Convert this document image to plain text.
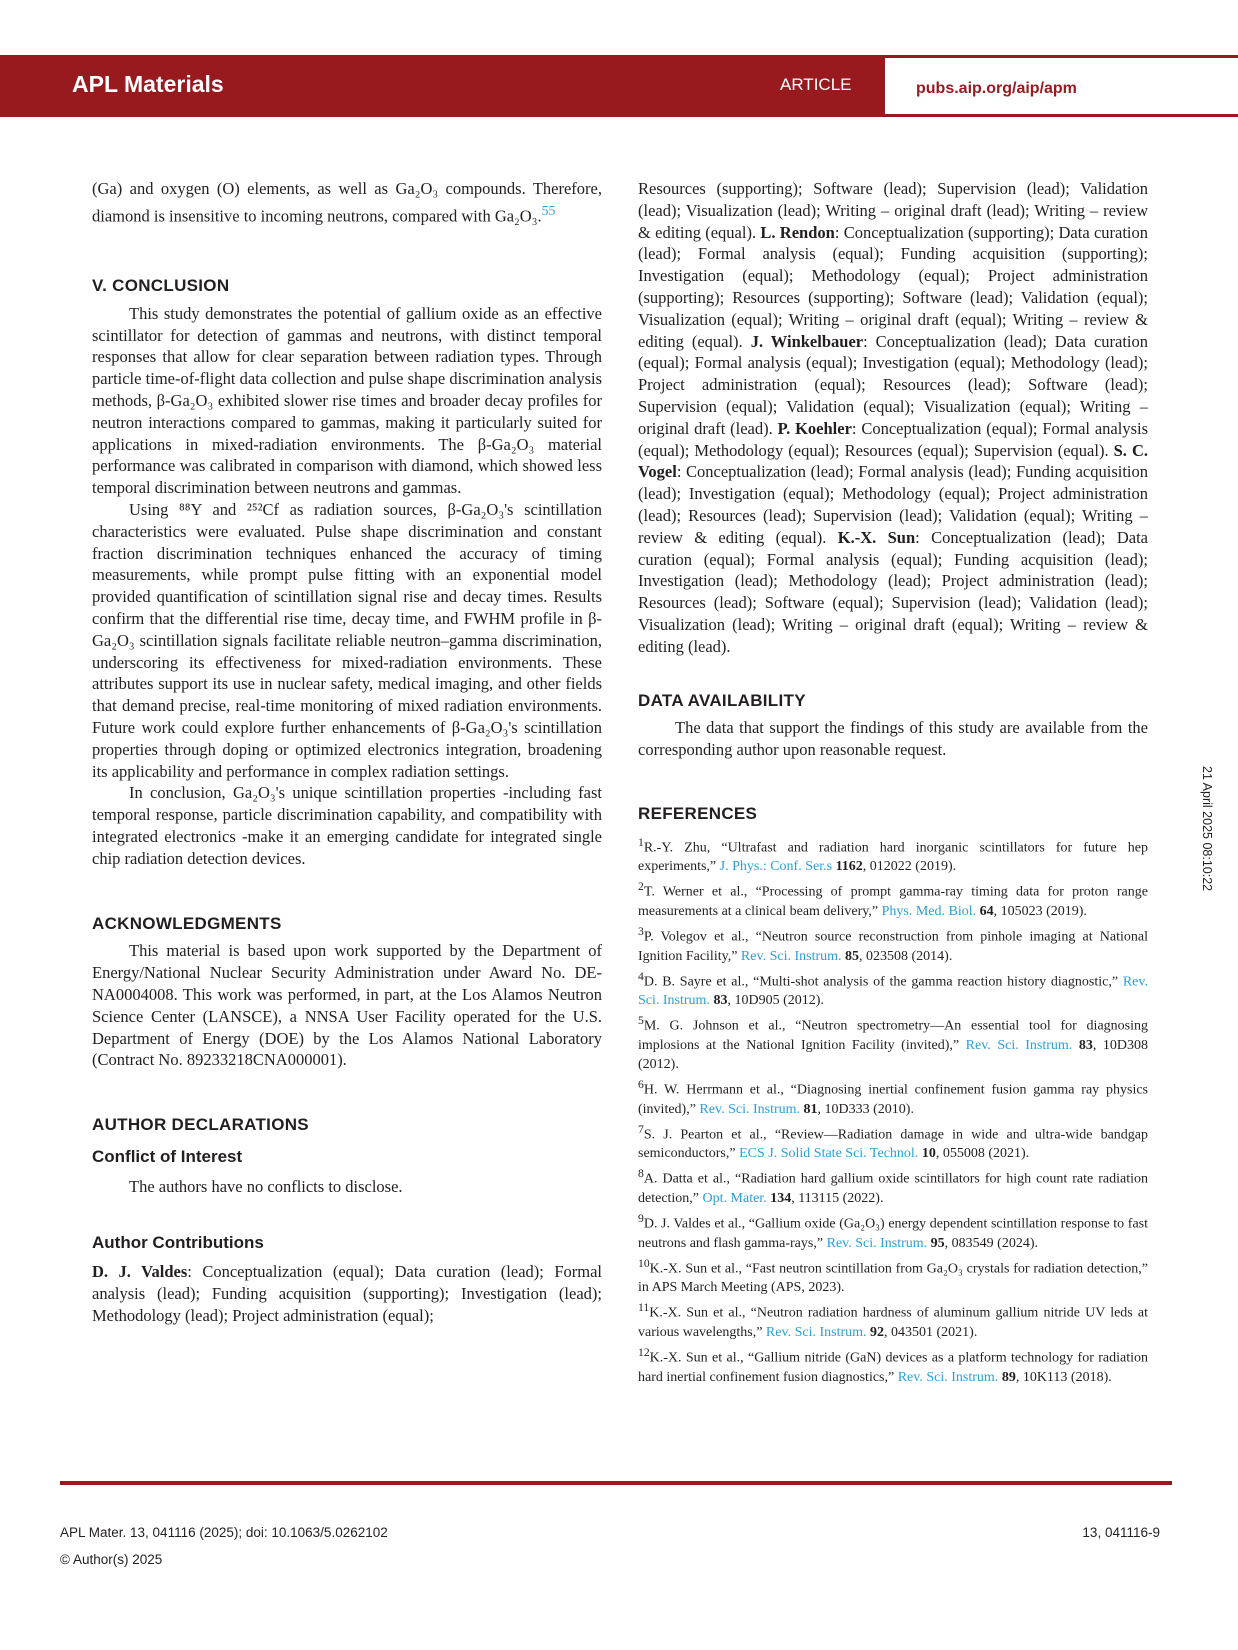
APL Materials	ARTICLE	pubs.aip.org/aip/apm

(Ga) and oxygen (O) elements, as well as Ga₂O₃ compounds. Therefore, diamond is insensitive to incoming neutrons, compared with Ga₂O₃.$^{55}$

V. CONCLUSION

This study demonstrates the potential of gallium oxide as an effective scintillator for detection of gammas and neutrons, with distinct temporal responses that allow for clear separation between radiation types. Through particle time-of-flight data collection and pulse shape discrimination analysis methods, β-Ga₂O₃ exhibited slower rise times and broader decay profiles for neutron interactions compared to gammas, making it particularly suited for applications in mixed-radiation environments. The β-Ga₂O₃ material performance was calibrated in comparison with diamond, which showed less temporal discrimination between neutrons and gammas.

Using ⁸⁸Y and ²⁵²Cf as radiation sources, β-Ga₂O₃'s scintillation characteristics were evaluated. Pulse shape discrimination and constant fraction discrimination techniques enhanced the accuracy of timing measurements, while prompt pulse fitting with an exponential model provided quantification of scintillation signal rise and decay times. Results confirm that the differential rise time, decay time, and FWHM profile in β-Ga₂O₃ scintillation signals facilitate reliable neutron–gamma discrimination, underscoring its effectiveness for mixed-radiation environments. These attributes support its use in nuclear safety, medical imaging, and other fields that demand precise, real-time monitoring of mixed radiation environments. Future work could explore further enhancements of β-Ga₂O₃'s scintillation properties through doping or optimized electronics integration, broadening its applicability and performance in complex radiation settings.

In conclusion, Ga₂O₃'s unique scintillation properties -including fast temporal response, particle discrimination capability, and compatibility with integrated electronics -make it an emerging candidate for integrated single chip radiation detection devices.

ACKNOWLEDGMENTS

This material is based upon work supported by the Department of Energy/National Nuclear Security Administration under Award No. DE-NA0004008. This work was performed, in part, at the Los Alamos Neutron Science Center (LANSCE), a NNSA User Facility operated for the U.S. Department of Energy (DOE) by the Los Alamos National Laboratory (Contract No. 89233218CNA000001).

AUTHOR DECLARATIONS
Conflict of Interest

The authors have no conflicts to disclose.

Author Contributions

D. J. Valdes: Conceptualization (equal); Data curation (lead); Formal analysis (lead); Funding acquisition (supporting); Investigation (lead); Methodology (lead); Project administration (equal);

Resources (supporting); Software (lead); Supervision (lead); Validation (lead); Visualization (lead); Writing – original draft (lead); Writing – review & editing (equal). L. Rendon: Conceptualization (supporting); Data curation (lead); Formal analysis (equal); Funding acquisition (supporting); Investigation (equal); Methodology (equal); Project administration (supporting); Resources (supporting); Software (lead); Validation (equal); Visualization (equal); Writing – original draft (equal); Writing – review & editing (equal). J. Winkelbauer: Conceptualization (lead); Data curation (equal); Formal analysis (equal); Investigation (equal); Methodology (lead); Project administration (equal); Resources (lead); Software (lead); Supervision (equal); Validation (equal); Visualization (equal); Writing – original draft (lead). P. Koehler: Conceptualization (equal); Formal analysis (equal); Methodology (equal); Resources (equal); Supervision (equal). S. C. Vogel: Conceptualization (lead); Formal analysis (lead); Funding acquisition (lead); Investigation (equal); Methodology (equal); Project administration (lead); Resources (lead); Supervision (lead); Validation (equal); Writing – review & editing (equal). K.-X. Sun: Conceptualization (lead); Data curation (equal); Formal analysis (equal); Funding acquisition (lead); Investigation (lead); Methodology (lead); Project administration (lead); Resources (lead); Software (equal); Supervision (lead); Validation (lead); Visualization (lead); Writing – original draft (equal); Writing – review & editing (lead).

DATA AVAILABILITY

The data that support the findings of this study are available from the corresponding author upon reasonable request.

REFERENCES

$^1$R.-Y. Zhu, “Ultrafast and radiation hard inorganic scintillators for future hep experiments,” J. Phys.: Conf. Ser.s 1162, 012022 (2019).

$^2$T. Werner et al., “Processing of prompt gamma-ray timing data for proton range measurements at a clinical beam delivery,” Phys. Med. Biol. 64, 105023 (2019).

$^3$P. Volegov et al., “Neutron source reconstruction from pinhole imaging at National Ignition Facility,” Rev. Sci. Instrum. 85, 023508 (2014).

$^4$D. B. Sayre et al., “Multi-shot analysis of the gamma reaction history diagnostic,” Rev. Sci. Instrum. 83, 10D905 (2012).

$^5$M. G. Johnson et al., “Neutron spectrometry—An essential tool for diagnosing implosions at the National Ignition Facility (invited),” Rev. Sci. Instrum. 83, 10D308 (2012).

$^6$H. W. Herrmann et al., “Diagnosing inertial confinement fusion gamma ray physics (invited),” Rev. Sci. Instrum. 81, 10D333 (2010).

$^7$S. J. Pearton et al., “Review—Radiation damage in wide and ultra-wide bandgap semiconductors,” ECS J. Solid State Sci. Technol. 10, 055008 (2021).

$^8$A. Datta et al., “Radiation hard gallium oxide scintillators for high count rate radiation detection,” Opt. Mater. 134, 113115 (2022).

$^9$D. J. Valdes et al., “Gallium oxide (Ga₂O₃) energy dependent scintillation response to fast neutrons and flash gamma-rays,” Rev. Sci. Instrum. 95, 083549 (2024).

$^{10}$K.-X. Sun et al., “Fast neutron scintillation from Ga₂O₃ crystals for radiation detection,” in APS March Meeting (APS, 2023).

$^{11}$K.-X. Sun et al., “Neutron radiation hardness of aluminum gallium nitride UV leds at various wavelengths,” Rev. Sci. Instrum. 92, 043501 (2021).

$^{12}$K.-X. Sun et al., “Gallium nitride (GaN) devices as a platform technology for radiation hard inertial confinement fusion diagnostics,” Rev. Sci. Instrum. 89, 10K113 (2018).

21 April 2025 08:10:22
APL Mater. 13, 041116 (2025); doi: 10.1063/5.0262102
© Author(s) 2025
13, 041116-9
